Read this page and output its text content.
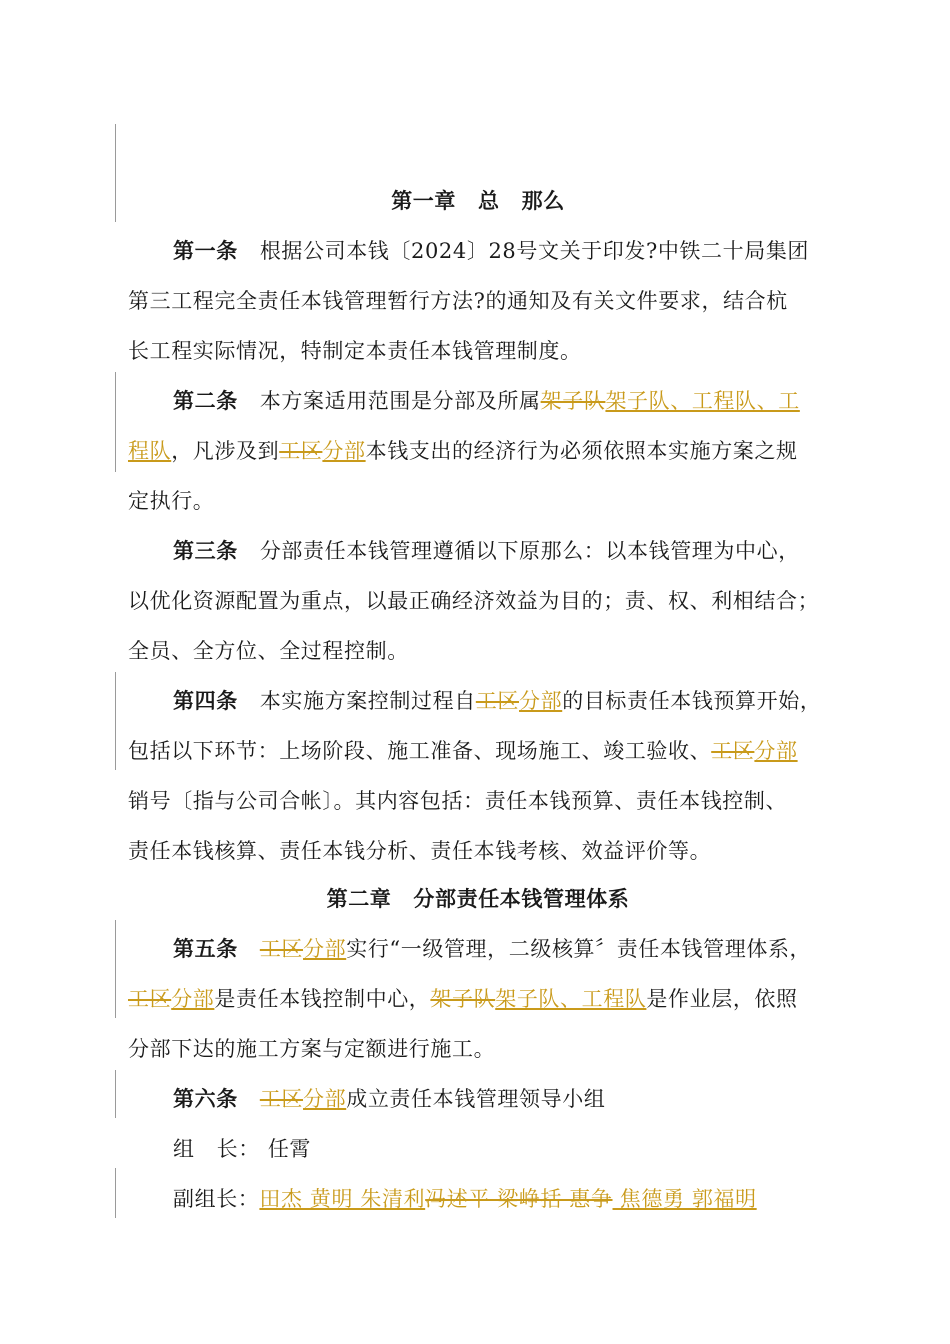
第一章 总 那么
第一条 根据公司本钱〔2024〕28号文关于印发?中铁二十局集团
第三工程完全责任本钱管理暂行方法?的通知及有关文件要求，结合杭
长工程实际情况，特制定本责任本钱管理制度。
第二条 本方案适用范围是分部及所属架子队架子队、工程队、工
程队，凡涉及到工区分部本钱支出的经济行为必须依照本实施方案之规
定执行。
第三条 分部责任本钱管理遵循以下原那么：以本钱管理为中心，
以优化资源配置为重点，以最正确经济效益为目的；责、权、利相结合；
全员、全方位、全过程控制。
第四条 本实施方案控制过程自工区分部的目标责任本钱预算开始，
包括以下环节：上场阶段、施工准备、现场施工、竣工验收、工区分部
销号〔指与公司合帐〕。其内容包括：责任本钱预算、责任本钱控制、
责任本钱核算、责任本钱分析、责任本钱考核、效益评价等。
第二章 分部责任本钱管理体系
第五条 工区分部实行“一级管理，二级核算〞责任本钱管理体系，
工区分部是责任本钱控制中心，架子队架子队、工程队是作业层，依照
分部下达的施工方案与定额进行施工。
第六条 工区分部成立责任本钱管理领导小组
组 长： 任霄
副组长：田杰 黄明 朱清利冯述平 梁峥括 惠争 焦德勇 郭福明
